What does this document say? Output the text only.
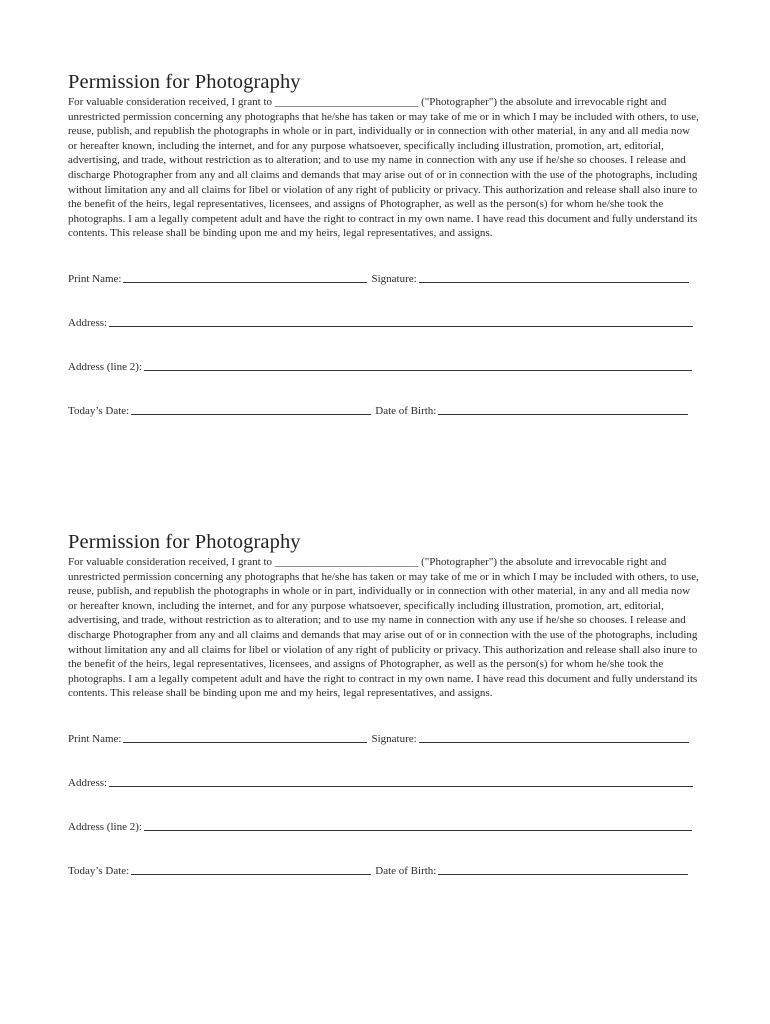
Permission for Photography

For valuable consideration received, I grant to __________________________ ("Photographer") the absolute and irrevocable right and unrestricted permission concerning any photographs that he/she has taken or may take of me or in which I may be included with others, to use, reuse, publish, and republish the photographs in whole or in part, individually or in connection with other material, in any and all media now or hereafter known, including the internet, and for any purpose whatsoever, specifically including illustration, promotion, art, editorial, advertising, and trade, without restriction as to alteration; and to use my name in connection with any use if he/she so chooses. I release and discharge Photographer from any and all claims and demands that may arise out of or in connection with the use of the photographs, including without limitation any and all claims for libel or violation of any right of publicity or privacy. This authorization and release shall also inure to the benefit of the heirs, legal representatives, licensees, and assigns of Photographer, as well as the person(s) for whom he/she took the photographs. I am a legally competent adult and have the right to contract in my own name. I have read this document and fully understand its contents. This release shall be binding upon me and my heirs, legal representatives, and assigns.

Print Name:	Signature:
Address:
Address (line 2):
Today’s Date:	Date of Birth:
Permission for Photography

For valuable consideration received, I grant to __________________________ ("Photographer") the absolute and irrevocable right and unrestricted permission concerning any photographs that he/she has taken or may take of me or in which I may be included with others, to use, reuse, publish, and republish the photographs in whole or in part, individually or in connection with other material, in any and all media now or hereafter known, including the internet, and for any purpose whatsoever, specifically including illustration, promotion, art, editorial, advertising, and trade, without restriction as to alteration; and to use my name in connection with any use if he/she so chooses. I release and discharge Photographer from any and all claims and demands that may arise out of or in connection with the use of the photographs, including without limitation any and all claims for libel or violation of any right of publicity or privacy. This authorization and release shall also inure to the benefit of the heirs, legal representatives, licensees, and assigns of Photographer, as well as the person(s) for whom he/she took the photographs. I am a legally competent adult and have the right to contract in my own name. I have read this document and fully understand its contents. This release shall be binding upon me and my heirs, legal representatives, and assigns.

Print Name:	Signature:
Address:
Address (line 2):
Today’s Date:	Date of Birth:
